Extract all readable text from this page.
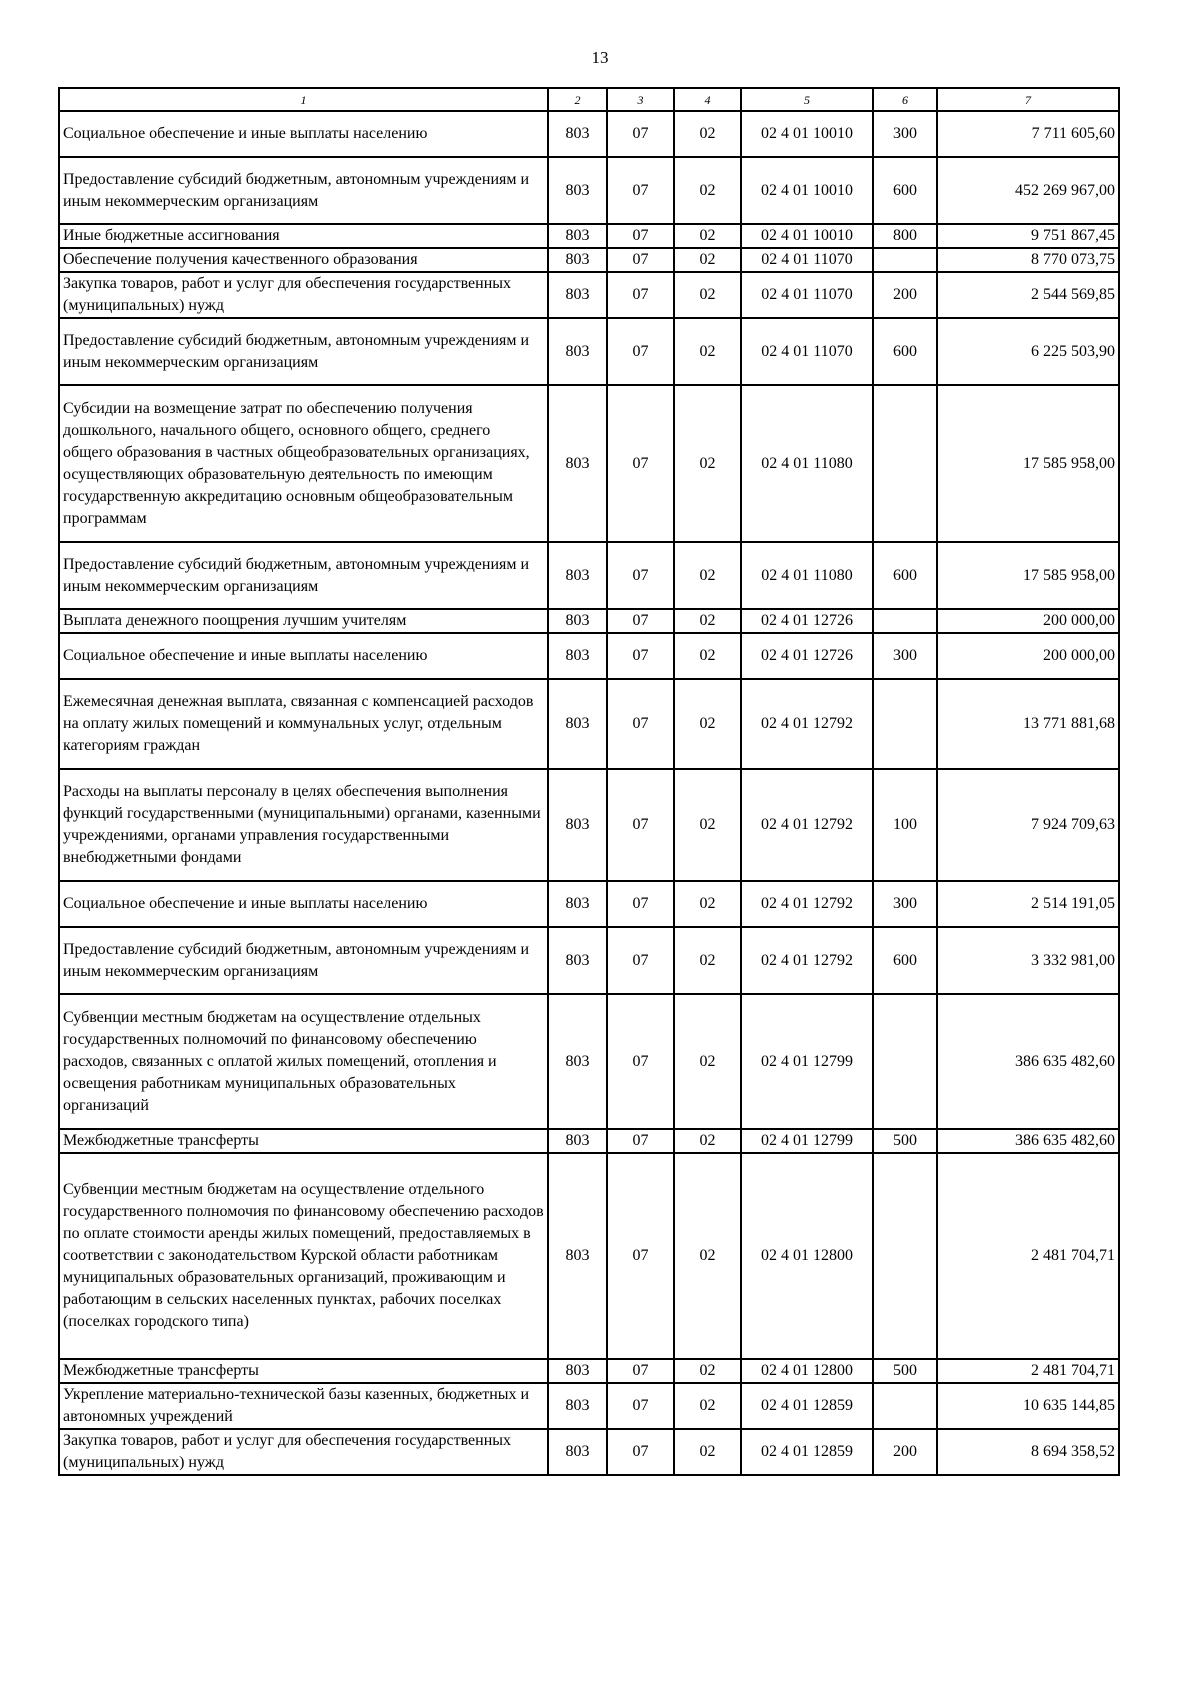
13
1	2	3	4	5	6	7
Социальное обеспечение и иные выплаты населению	803	07	02	02 4 01 10010	300	7 711 605,60
Предоставление субсидий бюджетным, автономным учреждениям и иным некоммерческим организациям	803	07	02	02 4 01 10010	600	452 269 967,00
Иные бюджетные ассигнования	803	07	02	02 4 01 10010	800	9 751 867,45
Обеспечение получения качественного образования	803	07	02	02 4 01 11070		8 770 073,75
Закупка товаров, работ и услуг для обеспечения государственных (муниципальных) нужд	803	07	02	02 4 01 11070	200	2 544 569,85
Предоставление субсидий бюджетным, автономным учреждениям и иным некоммерческим организациям	803	07	02	02 4 01 11070	600	6 225 503,90
Субсидии на возмещение затрат по обеспечению получения дошкольного, начального общего, основного общего, среднего общего образования в частных общеобразовательных организациях, осуществляющих образовательную деятельность по имеющим государственную аккредитацию основным общеобразовательным программам	803	07	02	02 4 01 11080		17 585 958,00
Предоставление субсидий бюджетным, автономным учреждениям и иным некоммерческим организациям	803	07	02	02 4 01 11080	600	17 585 958,00
Выплата денежного поощрения лучшим учителям	803	07	02	02 4 01 12726		200 000,00
Социальное обеспечение и иные выплаты населению	803	07	02	02 4 01 12726	300	200 000,00
Ежемесячная денежная выплата, связанная с компенсацией расходов на оплату жилых помещений и коммунальных услуг, отдельным категориям граждан	803	07	02	02 4 01 12792		13 771 881,68
Расходы на выплаты персоналу в целях обеспечения выполнения функций государственными (муниципальными) органами, казенными учреждениями, органами управления государственными внебюджетными фондами	803	07	02	02 4 01 12792	100	7 924 709,63
Социальное обеспечение и иные выплаты населению	803	07	02	02 4 01 12792	300	2 514 191,05
Предоставление субсидий бюджетным, автономным учреждениям и иным некоммерческим организациям	803	07	02	02 4 01 12792	600	3 332 981,00
Субвенции местным бюджетам на осуществление отдельных государственных полномочий по финансовому обеспечению расходов, связанных с оплатой жилых помещений, отопления и освещения работникам муниципальных образовательных организаций	803	07	02	02 4 01 12799		386 635 482,60
Межбюджетные трансферты	803	07	02	02 4 01 12799	500	386 635 482,60
Субвенции местным бюджетам на осуществление отдельного государственного полномочия по финансовому обеспечению расходов по оплате стоимости аренды жилых помещений, предоставляемых в соответствии с законодательством Курской области работникам муниципальных образовательных организаций, проживающим и работающим в сельских населенных пунктах, рабочих поселках (поселках городского типа)	803	07	02	02 4 01 12800		2 481 704,71
Межбюджетные трансферты	803	07	02	02 4 01 12800	500	2 481 704,71
Укрепление материально-технической базы казенных, бюджетных и автономных учреждений	803	07	02	02 4 01 12859		10 635 144,85
Закупка товаров, работ и услуг для обеспечения государственных (муниципальных) нужд	803	07	02	02 4 01 12859	200	8 694 358,52
